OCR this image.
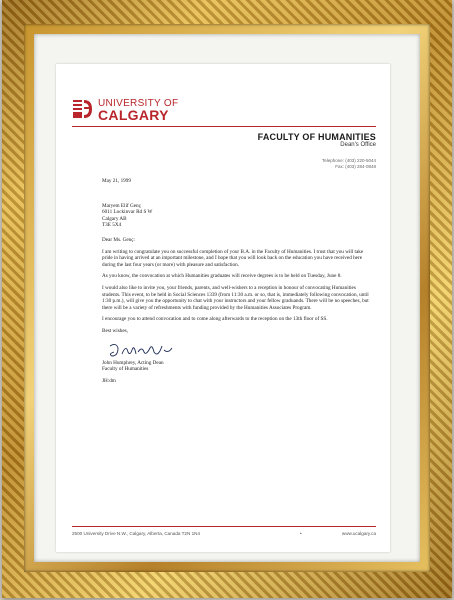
UNIVERSITY OF
CALGARY
FACULTY OF HUMANITIES
Dean's Office
Telephone: (403) 220-5044
Fax: (403) 284-0848

May 21, 1999

Maryem Elif Genç
6011 Lockinvar Rd S W
Calgary AB
T3E 5X4

Dear Ms. Genç:

I am writing to congratulate you on successful completion of your B.A. in the Faculty of Humanities. I trust that you will take pride in having arrived at an important milestone, and I hope that you will look back on the education you have received here during the last four years (or more) with pleasure and satisfaction.

As you know, the convocation at which Humanities graduates will receive degrees is to be held on Tuesday, June 8.

I would also like to invite you, your friends, parents, and well-wishers to a reception in honour of convocating Humanities students. This event, to be held in Social Sciences 1339 (from 11:30 a.m. or so, that is, immediately following convocation, until 1:30 p.m.), will give you the opportunity to chat with your instructors and your fellow graduands. There will be no speeches, but there will be a variety of refreshments with funding provided by the Humanities Associates Program.

I encourage you to attend convocation and to come along afterwards to the reception on the 13th floor of SS.

Best wishes,

John Humphrey, Acting Dean

Faculty of Humanities

JH:dm

2500 University Drive N.W., Calgary, Alberta, Canada T2N 1N4	•	www.ucalgary.ca
